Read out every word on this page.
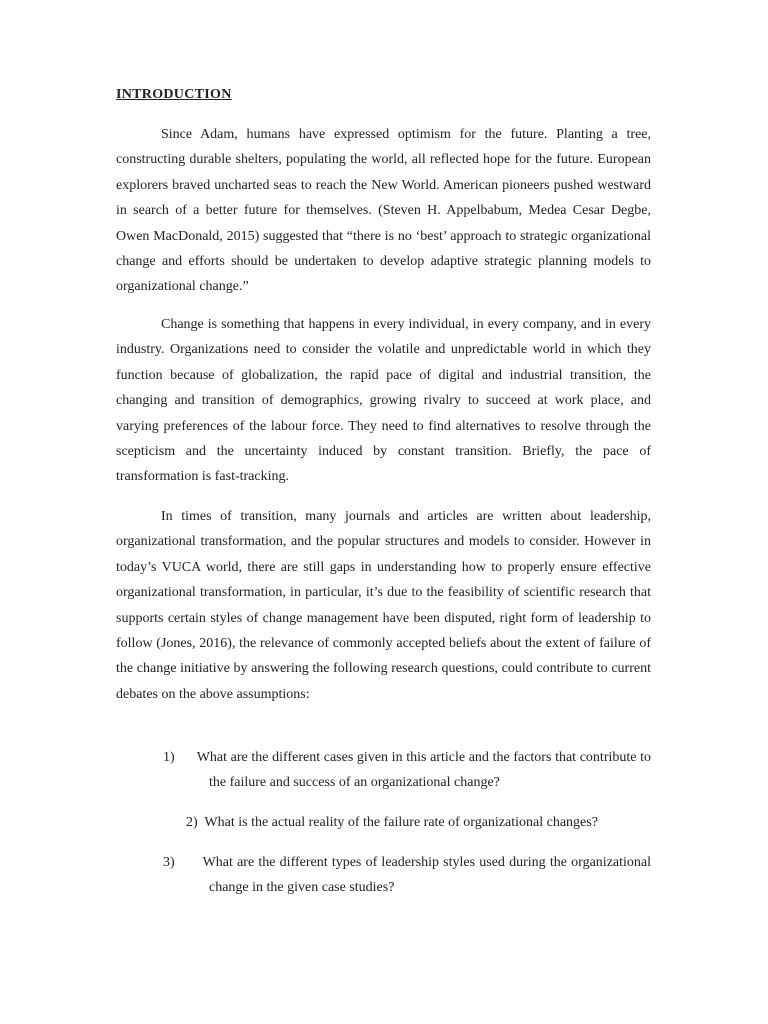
INTRODUCTION

Since Adam, humans have expressed optimism for the future. Planting a tree, constructing durable shelters, populating the world, all reflected hope for the future. European explorers braved uncharted seas to reach the New World. American pioneers pushed westward in search of a better future for themselves. (Steven H. Appelbabum, Medea Cesar Degbe, Owen MacDonald, 2015) suggested that “there is no ‘best’ approach to strategic organizational change and efforts should be undertaken to develop adaptive strategic planning models to organizational change.”

Change is something that happens in every individual, in every company, and in every industry. Organizations need to consider the volatile and unpredictable world in which they function because of globalization, the rapid pace of digital and industrial transition, the changing and transition of demographics, growing rivalry to succeed at work place, and varying preferences of the labour force. They need to find alternatives to resolve through the scepticism and the uncertainty induced by constant transition. Briefly, the pace of transformation is fast-tracking.

In times of transition, many journals and articles are written about leadership, organizational transformation, and the popular structures and models to consider. However in today’s VUCA world, there are still gaps in understanding how to properly ensure effective organizational transformation, in particular, it’s due to the feasibility of scientific research that supports certain styles of change management have been disputed, right form of leadership to follow (Jones, 2016), the relevance of commonly accepted beliefs about the extent of failure of the change initiative by answering the following research questions, could contribute to current debates on the above assumptions:

1) What are the different cases given in this article and the factors that contribute to the failure and success of an organizational change?

2) What is the actual reality of the failure rate of organizational changes?

3) What are the different types of leadership styles used during the organizational change in the given case studies?
